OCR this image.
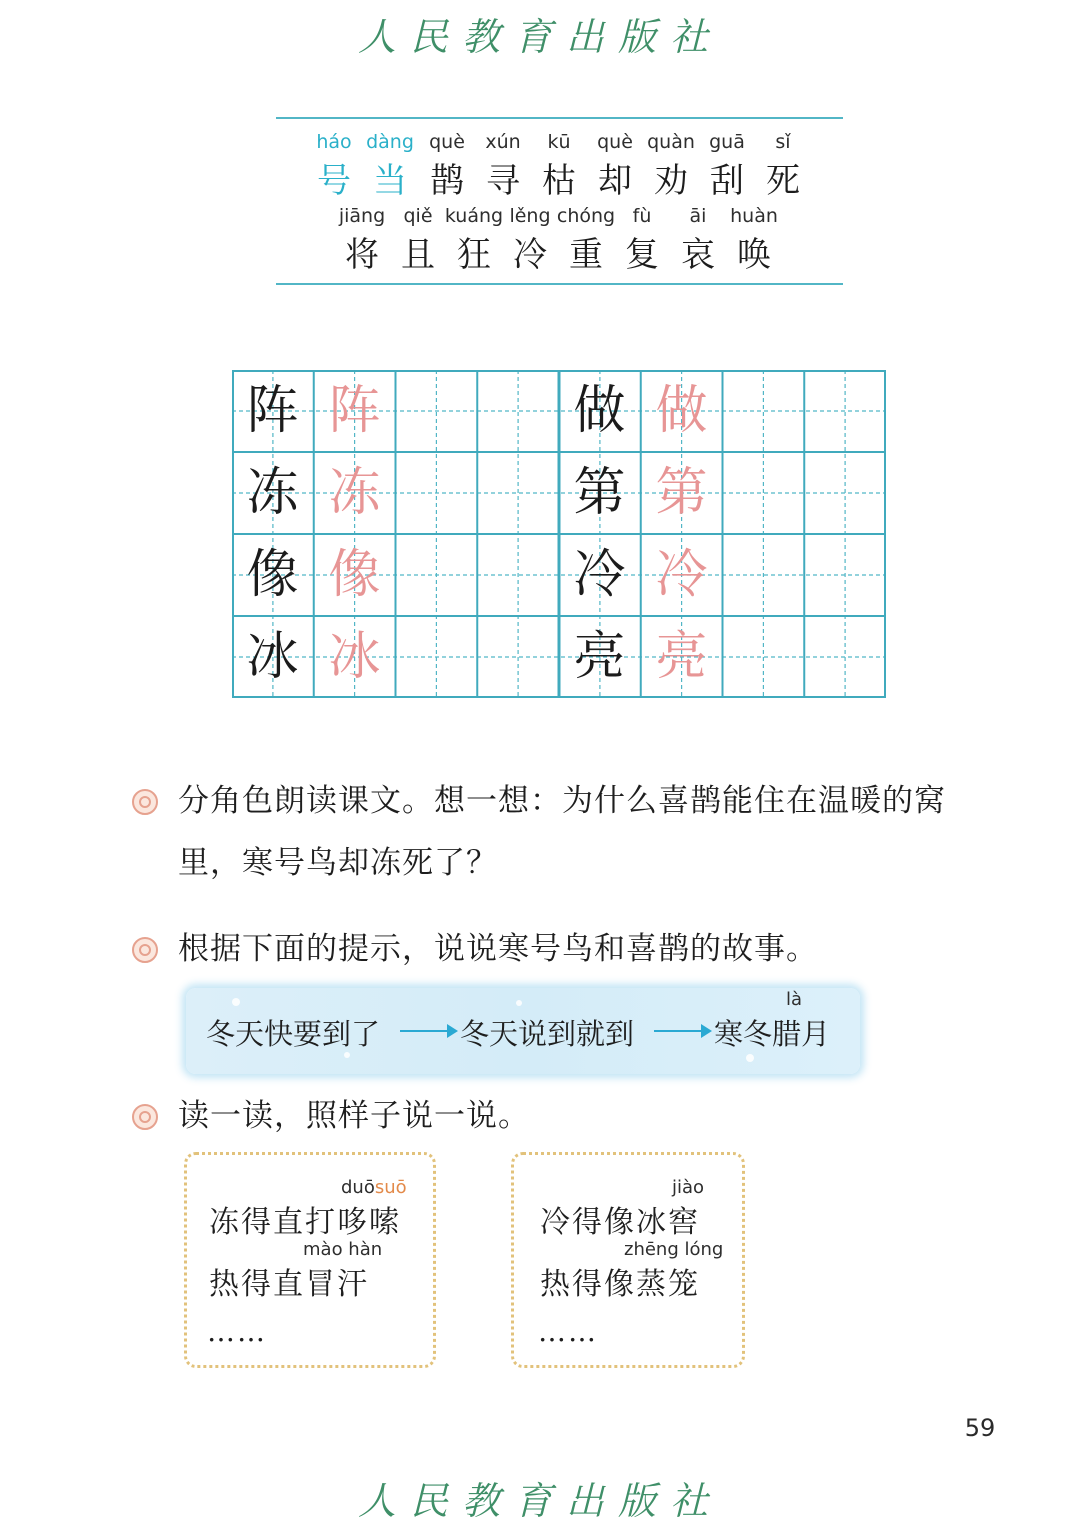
人民教育出版社
háo
号
dàng
当
què
鹊
xún
寻
kū
枯
què
却
quàn
劝
guā
刮
sǐ
死
jiāng
将
qiě
且
kuáng
狂
lěng
冷
chóng
重
fù
复
āi
哀
huàn
唤
阵 阵
冻 冻
像 像
冰 冰
做 做
第 第
冷 冷
亮 亮
分角色朗读课文。想一想：为什么喜鹊能住在温暖的窝
里，寒号鸟却冻死了？
根据下面的提示，说说寒号鸟和喜鹊的故事。
冬天快要到了	冬天说到就到	寒冬腊月
là
读一读，照样子说一说。
duōsuō
冻得直打哆嗦
mào hàn
热得直冒汗
……
jiào
冷得像冰窖
zhēng lóng
热得像蒸笼
……
59
人民教育出版社
